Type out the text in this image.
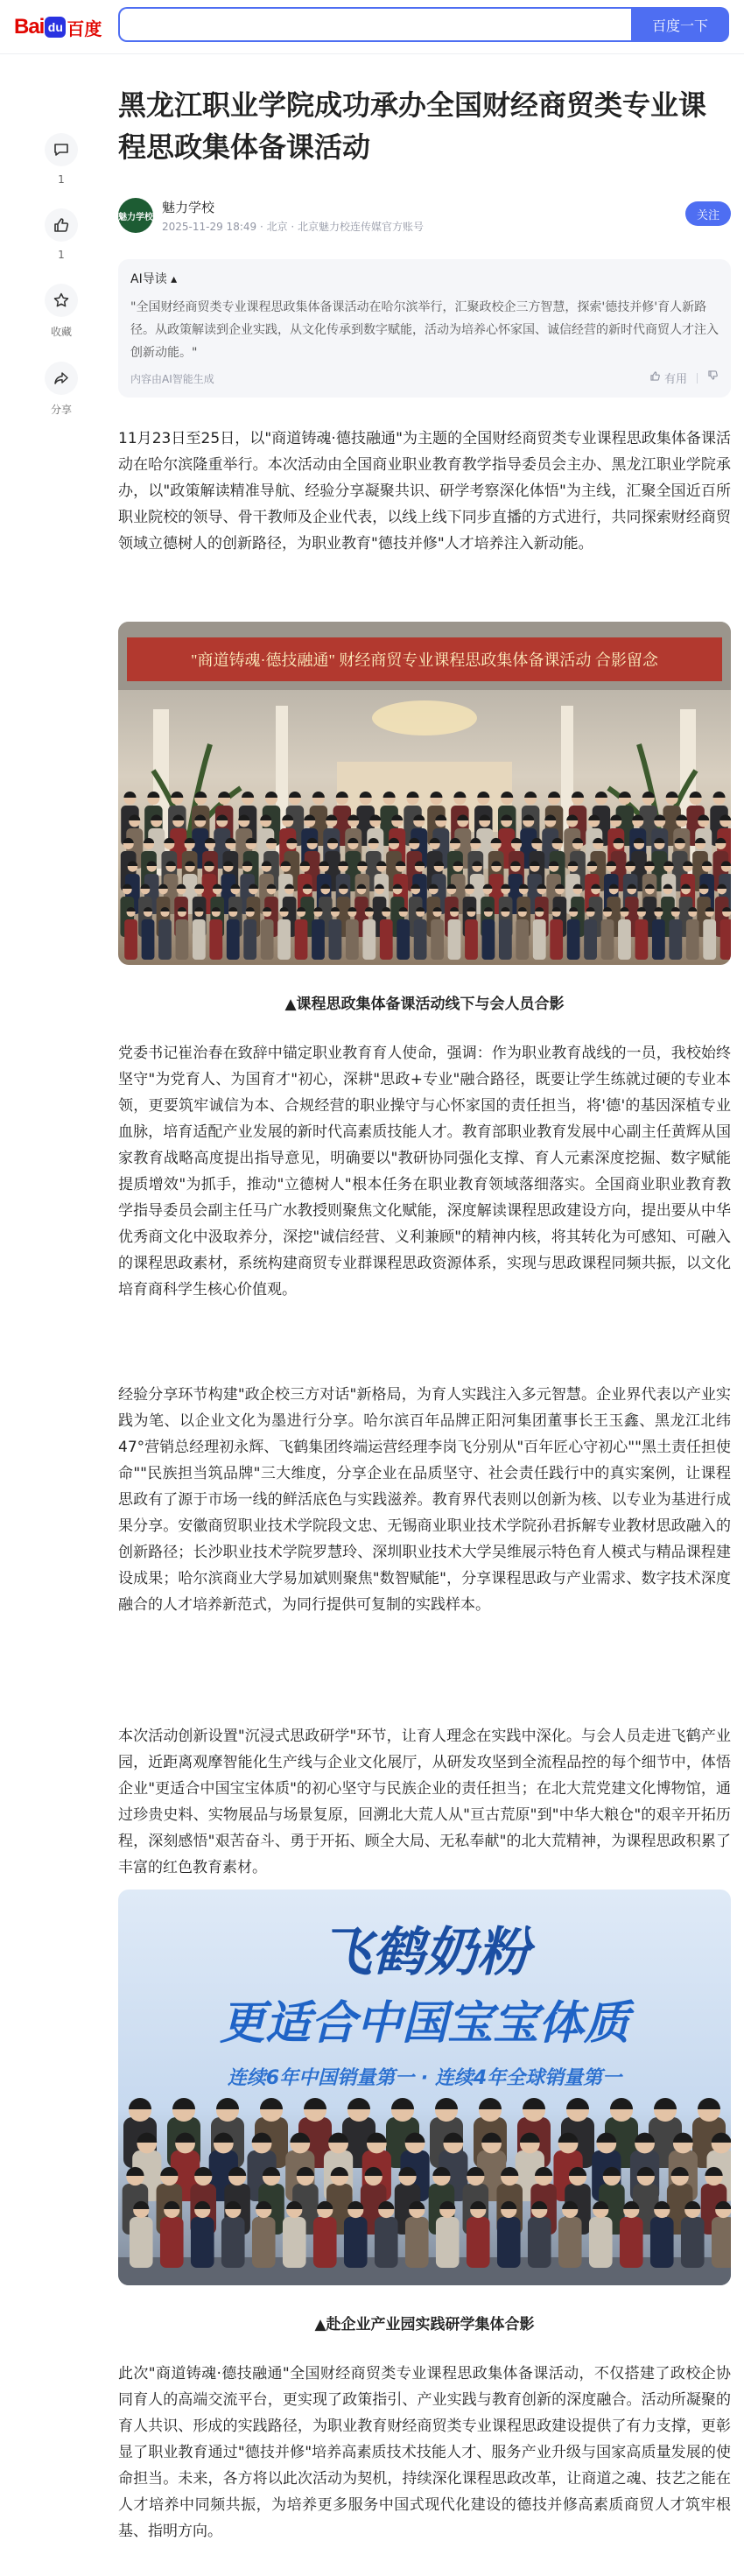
Bai du 百度	百度一下
1
1
收藏
分享
黑龙江职业学院成功承办全国财经商贸类专业课程思政集体备课活动
魅力学校
魅力学校
2025-11-29 18:49 · 北京 · 北京魅力校连传媒官方账号
关注
AI导读 ▴
"全国财经商贸类专业课程思政集体备课活动在哈尔滨举行，汇聚政校企三方智慧，探索'德技并修'育人新路径。从政策解读到企业实践，从文化传承到数字赋能，活动为培养心怀家国、诚信经营的新时代商贸人才注入创新动能。"
内容由AI智能生成	有用

11月23日至25日，以"商道铸魂·德技融通"为主题的全国财经商贸类专业课程思政集体备课活动在哈尔滨隆重举行。本次活动由全国商业职业教育教学指导委员会主办、黑龙江职业学院承办，以"政策解读精准导航、经验分享凝聚共识、研学考察深化体悟"为主线，汇聚全国近百所职业院校的领导、骨干教师及企业代表，以线上线下同步直播的方式进行，共同探索财经商贸领域立德树人的创新路径，为职业教育"德技并修"人才培养注入新动能。

"商道铸魂·德技融通" 财经商贸专业课程思政集体备课活动 合影留念
▲课程思政集体备课活动线下与会人员合影

党委书记崔治春在致辞中锚定职业教育育人使命，强调：作为职业教育战线的一员，我校始终坚守"为党育人、为国育才"初心，深耕"思政+专业"融合路径，既要让学生练就过硬的专业本领，更要筑牢诚信为本、合规经营的职业操守与心怀家国的责任担当，将'德'的基因深植专业血脉，培育适配产业发展的新时代高素质技能人才。教育部职业教育发展中心副主任黄辉从国家教育战略高度提出指导意见，明确要以"教研协同强化支撑、育人元素深度挖掘、数字赋能提质增效"为抓手，推动"立德树人"根本任务在职业教育领域落细落实。全国商业职业教育教学指导委员会副主任马广水教授则聚焦文化赋能，深度解读课程思政建设方向，提出要从中华优秀商文化中汲取养分，深挖"诚信经营、义利兼顾"的精神内核，将其转化为可感知、可融入的课程思政素材，系统构建商贸专业群课程思政资源体系，实现与思政课程同频共振，以文化培育商科学生核心价值观。

经验分享环节构建"政企校三方对话"新格局，为育人实践注入多元智慧。企业界代表以产业实践为笔、以企业文化为墨进行分享。哈尔滨百年品牌正阳河集团董事长王玉鑫、黑龙江北纬47°营销总经理初永辉、飞鹤集团终端运营经理李岗飞分别从"百年匠心守初心""黑土责任担使命""民族担当筑品牌"三大维度，分享企业在品质坚守、社会责任践行中的真实案例，让课程思政有了源于市场一线的鲜活底色与实践滋养。教育界代表则以创新为核、以专业为基进行成果分享。安徽商贸职业技术学院段文忠、无锡商业职业技术学院孙君拆解专业教材思政融入的创新路径；长沙职业技术学院罗慧玲、深圳职业技术大学吴维展示特色育人模式与精品课程建设成果；哈尔滨商业大学易加斌则聚焦"数智赋能"，分享课程思政与产业需求、数字技术深度融合的人才培养新范式，为同行提供可复制的实践样本。

本次活动创新设置"沉浸式思政研学"环节，让育人理念在实践中深化。与会人员走进飞鹤产业园，近距离观摩智能化生产线与企业文化展厅，从研发攻坚到全流程品控的每个细节中，体悟企业"更适合中国宝宝体质"的初心坚守与民族企业的责任担当；在北大荒党建文化博物馆，通过珍贵史料、实物展品与场景复原，回溯北大荒人从"亘古荒原"到"中华大粮仓"的艰辛开拓历程，深刻感悟"艰苦奋斗、勇于开拓、顾全大局、无私奉献"的北大荒精神，为课程思政积累了丰富的红色教育素材。

飞鹤奶粉
更适合中国宝宝体质
连续6年中国销量第一 · 连续4年全球销量第一
▲赴企业产业园实践研学集体合影

此次"商道铸魂·德技融通"全国财经商贸类专业课程思政集体备课活动，不仅搭建了政校企协同育人的高端交流平台，更实现了政策指引、产业实践与教育创新的深度融合。活动所凝聚的育人共识、形成的实践路径，为职业教育财经商贸类专业课程思政建设提供了有力支撑，更彰显了职业教育通过"德技并修"培养高素质技术技能人才、服务产业升级与国家高质量发展的使命担当。未来，各方将以此次活动为契机，持续深化课程思政改革，让商道之魂、技艺之能在人才培养中同频共振，为培养更多服务中国式现代化建设的德技并修高素质商贸人才筑牢根基、指明方向。
